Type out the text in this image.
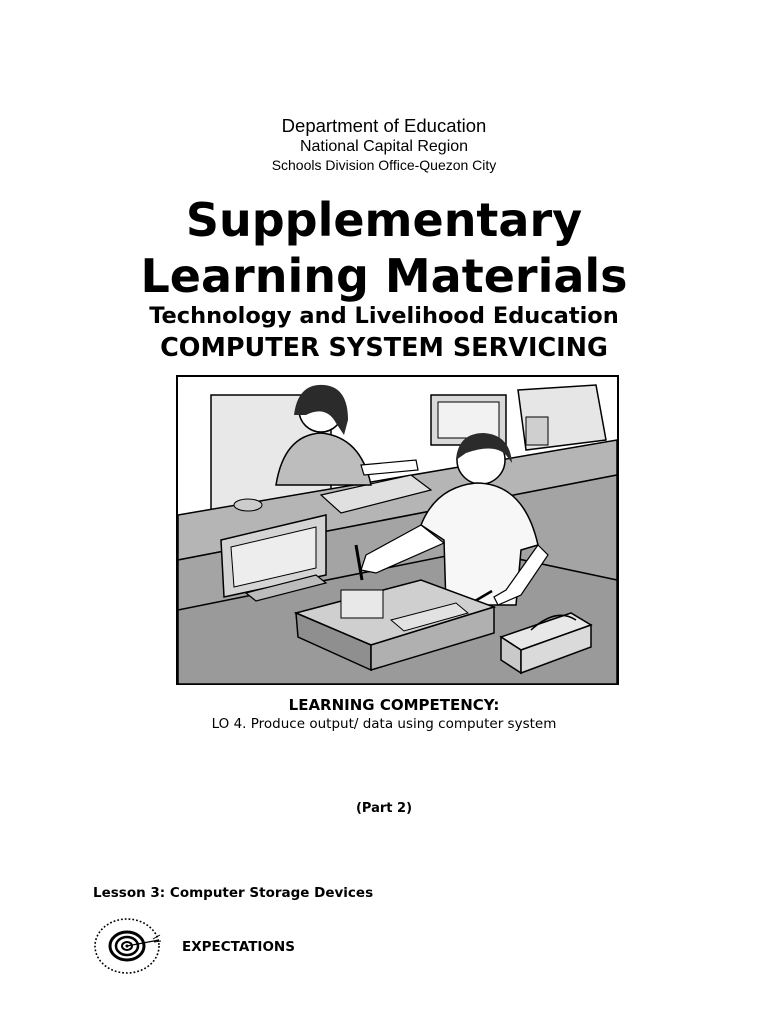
Department of Education
National Capital Region
Schools Division Office-Quezon City
Supplementary
Learning Materials
Technology and Livelihood Education
COMPUTER SYSTEM SERVICING
LEARNING COMPETENCY:
LO 4. Produce output/ data using computer system
(Part 2)
Lesson 3: Computer Storage Devices
EXPECTATIONS
